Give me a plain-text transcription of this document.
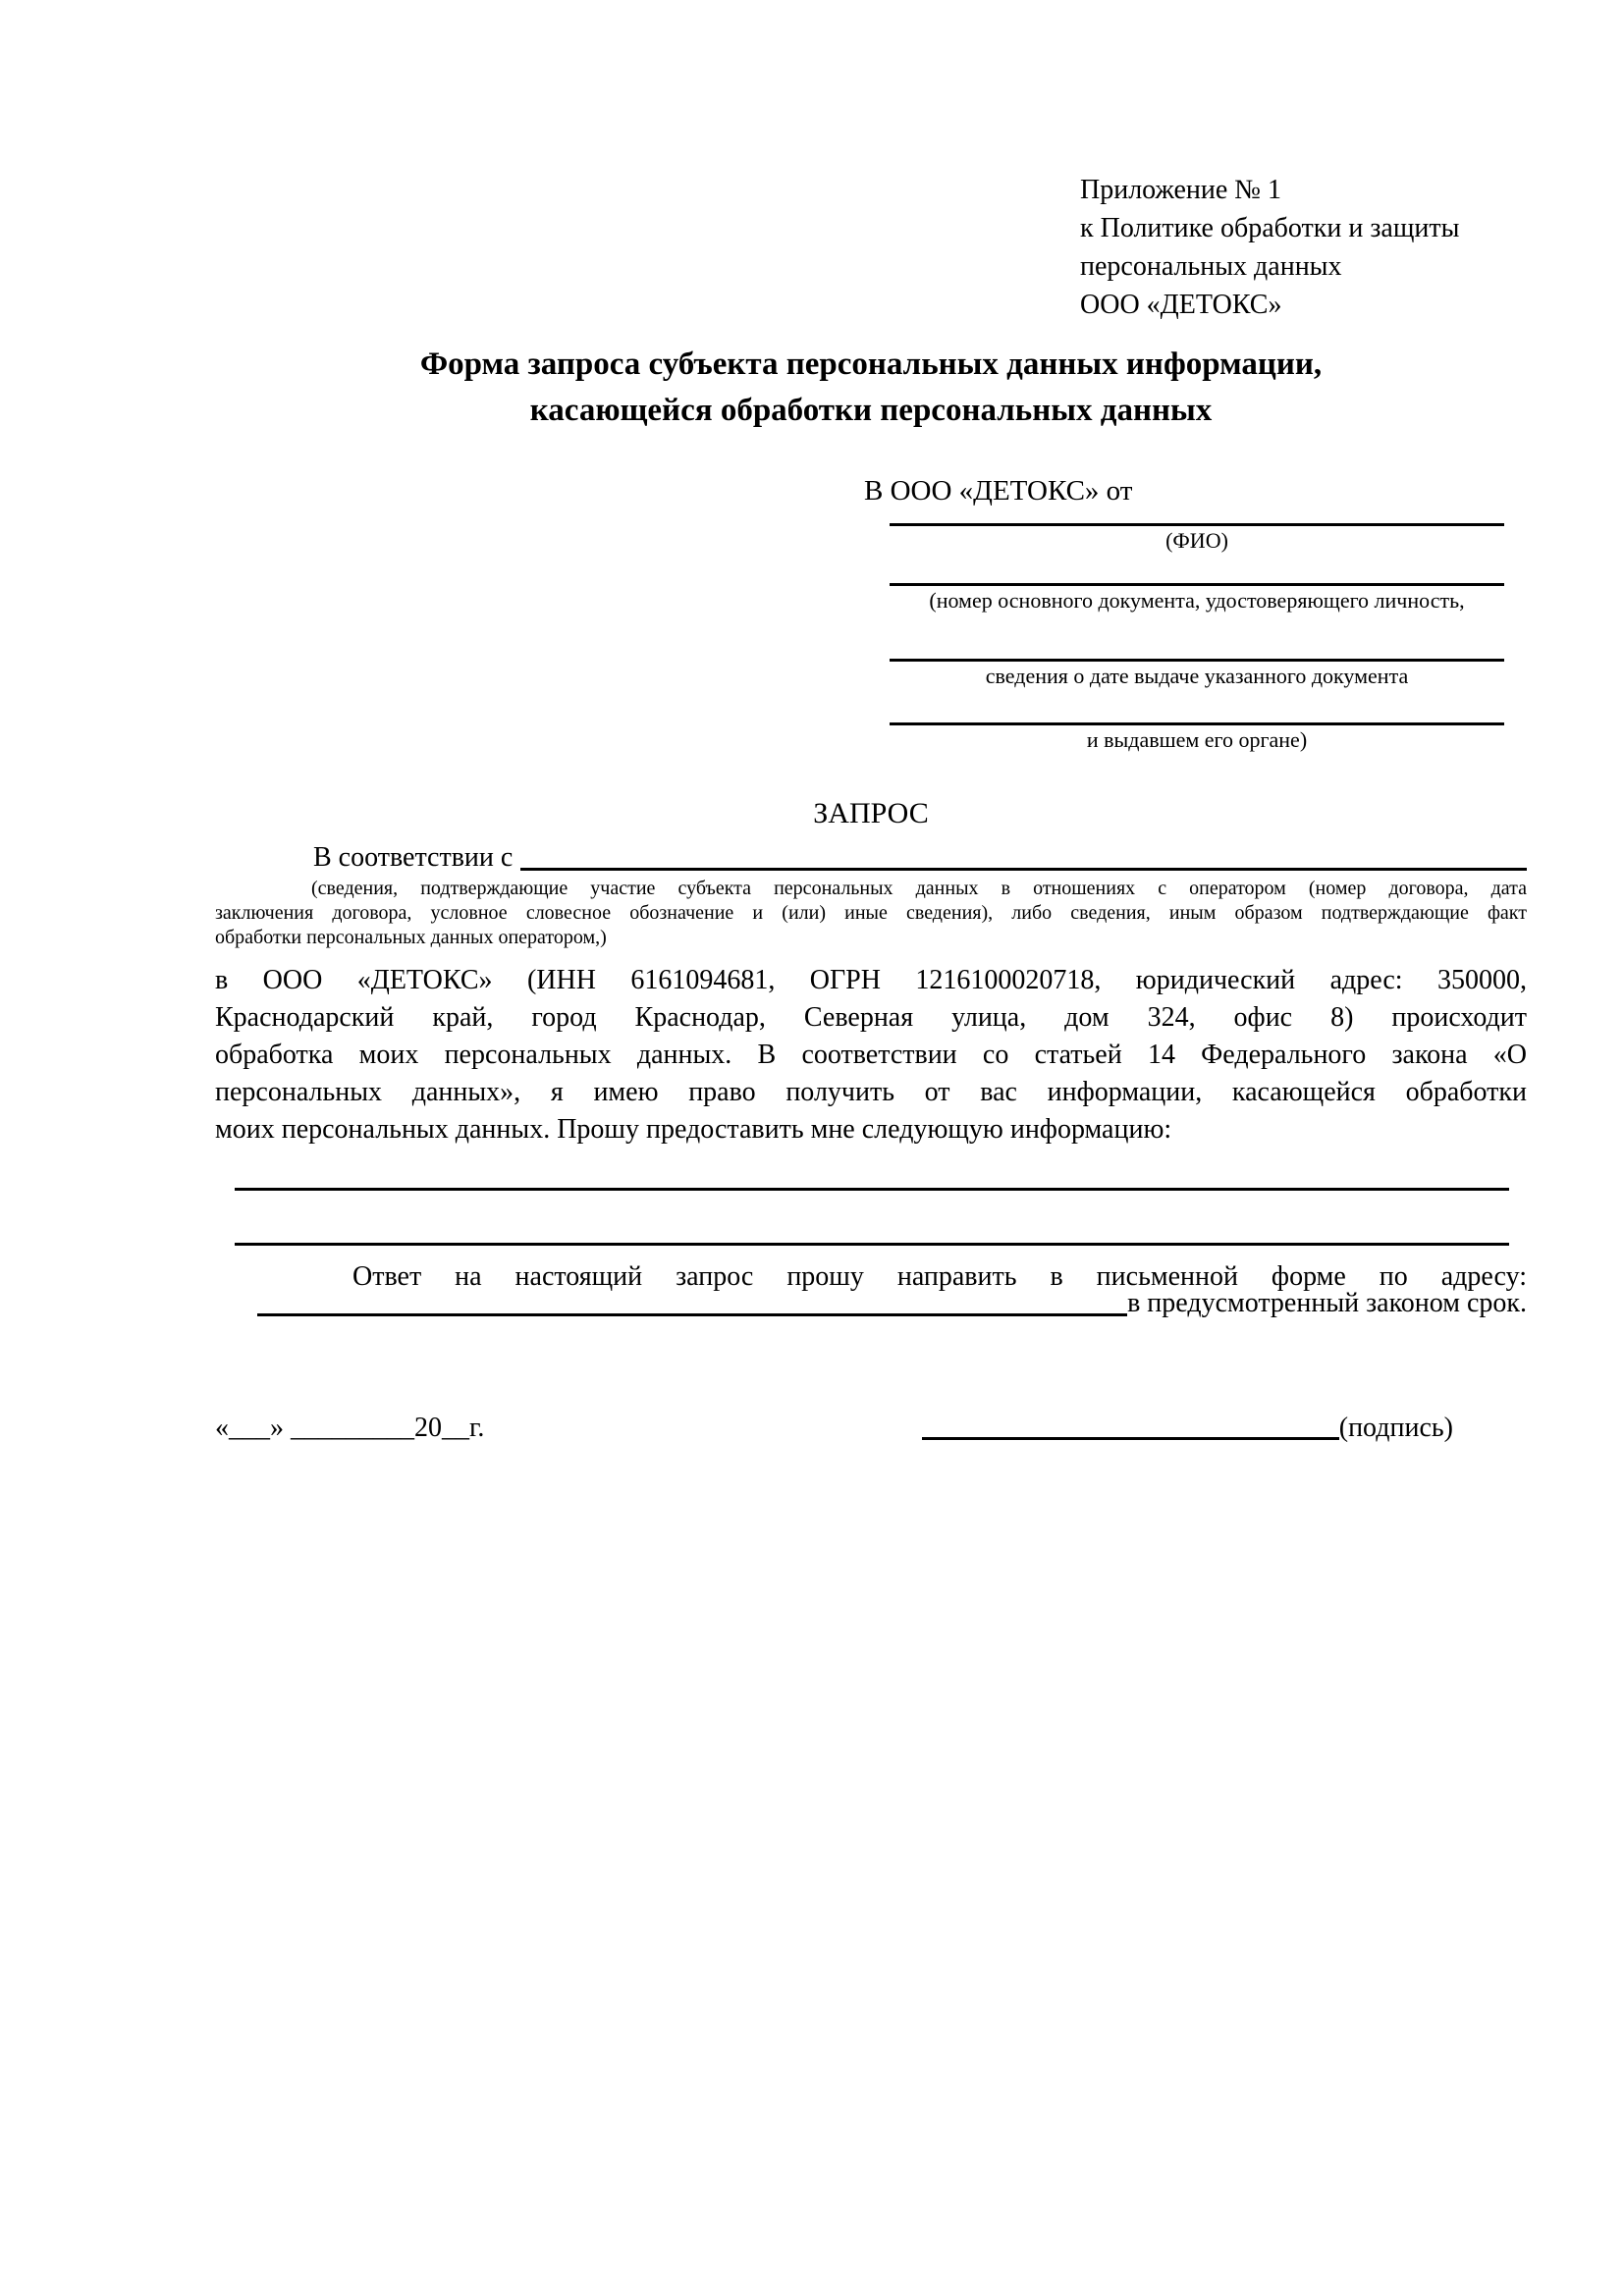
Приложение № 1
к Политике обработки и защиты
персональных данных
ООО «ДЕТОКС»
Форма запроса субъекта персональных данных информации,
касающейся обработки персональных данных
В ООО «ДЕТОКС» от
(ФИО)
(номер основного документа, удостоверяющего личность,
сведения о дате выдаче указанного документа
и выдавшем его органе)
ЗАПРОС
В соответствии с
(сведения, подтверждающие участие субъекта персональных данных в отношениях с оператором (номер договора, дата
заключения договора, условное словесное обозначение и (или) иные сведения), либо сведения, иным образом подтверждающие факт
обработки персональных данных оператором,)
в ООО «ДЕТОКС» (ИНН 6161094681, ОГРН 1216100020718, юридический адрес: 350000,
Краснодарский край, город Краснодар, Северная улица, дом 324, офис 8) происходит
обработка моих персональных данных. В соответствии со статьей 14 Федерального закона «О
персональных данных», я имею право получить от вас информации, касающейся обработки
моих персональных данных. Прошу предоставить мне следующую информацию:
Ответ на настоящий запрос прошу направить в письменной форме по адресу:
в предусмотренный законом срок.
«___» _________20__г.	(подпись)
